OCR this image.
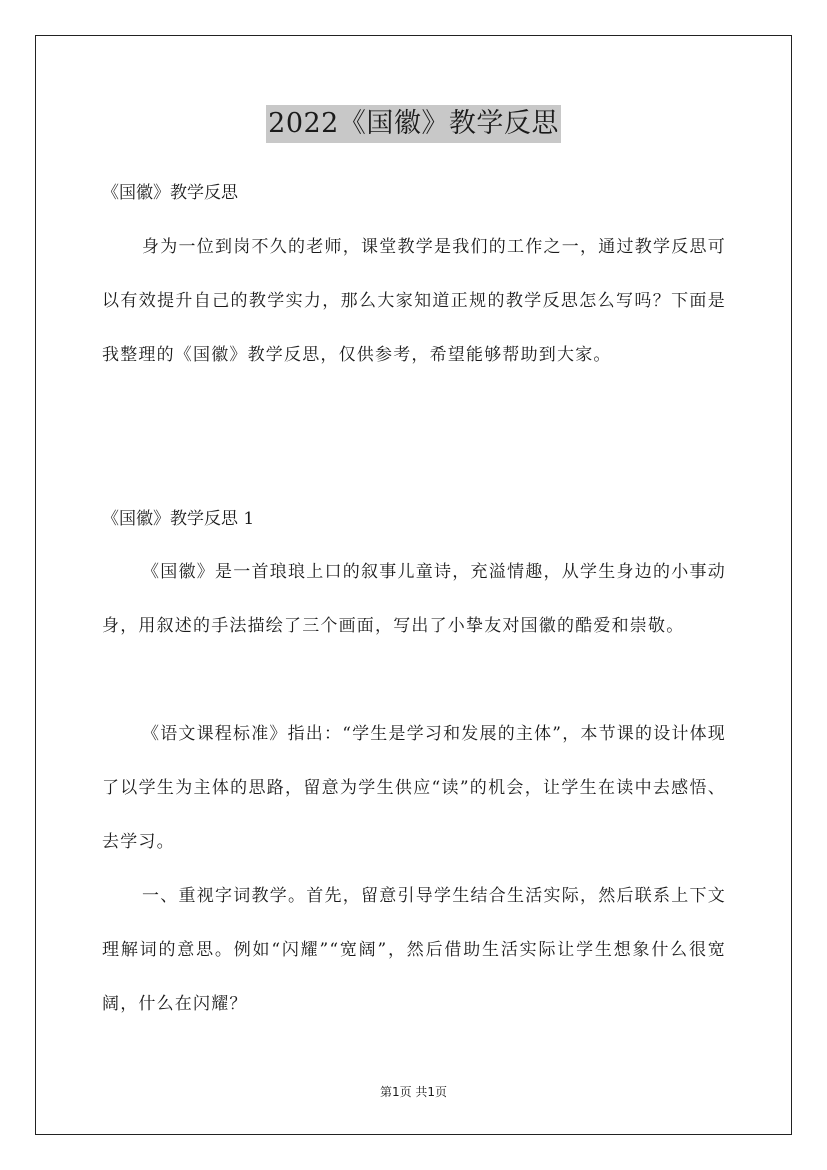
2022《国徽》教学反思

《国徽》教学反思

身为一位到岗不久的老师，课堂教学是我们的工作之一，通过教学反思可以有效提升自己的教学实力，那么大家知道正规的教学反思怎么写吗？下面是我整理的《国徽》教学反思，仅供参考，希望能够帮助到大家。

《国徽》教学反思 1

《国徽》是一首琅琅上口的叙事儿童诗，充溢情趣，从学生身边的小事动身，用叙述的手法描绘了三个画面，写出了小挚友对国徽的酷爱和崇敬。

《语文课程标准》指出：“学生是学习和发展的主体”，本节课的设计体现了以学生为主体的思路，留意为学生供应“读”的机会，让学生在读中去感悟、去学习。

一、重视字词教学。首先，留意引导学生结合生活实际，然后联系上下文理解词的意思。例如“闪耀”“宽阔”，然后借助生活实际让学生想象什么很宽阔，什么在闪耀？

第1页 共1页
